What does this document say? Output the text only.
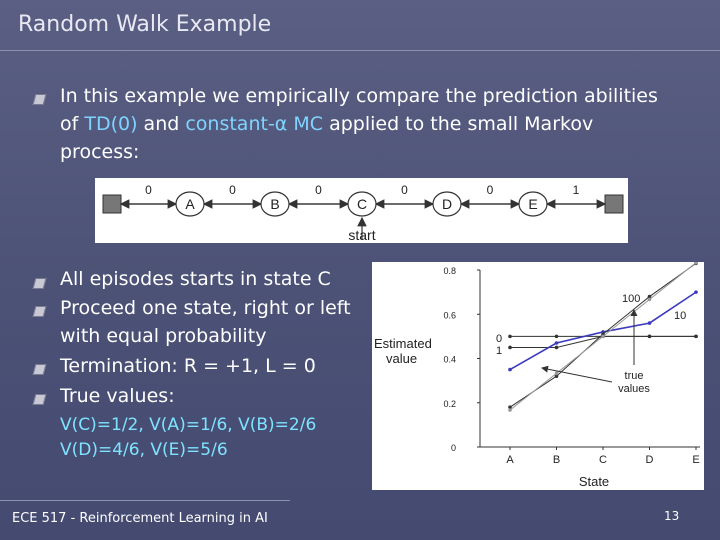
Random Walk Example
In this example we empirically compare the prediction abilities of TD(0) and constant-α MC applied to the small Markov process:
0	0	0	0	0	1
A	B	C	D	E
start
All episodes starts in state C
Proceed one state, right or left with equal probability
Termination: R = +1, L = 0
True values:
V(C)=1/2, V(A)=1/6, V(B)=2/6
V(D)=4/6, V(E)=5/6
Estimated
value
State
0
0.2
0.4
0.6
0.8
A	B	C	D	E
100
10
0
1
true
values
ECE 517 - Reinforcement Learning in AI	13
